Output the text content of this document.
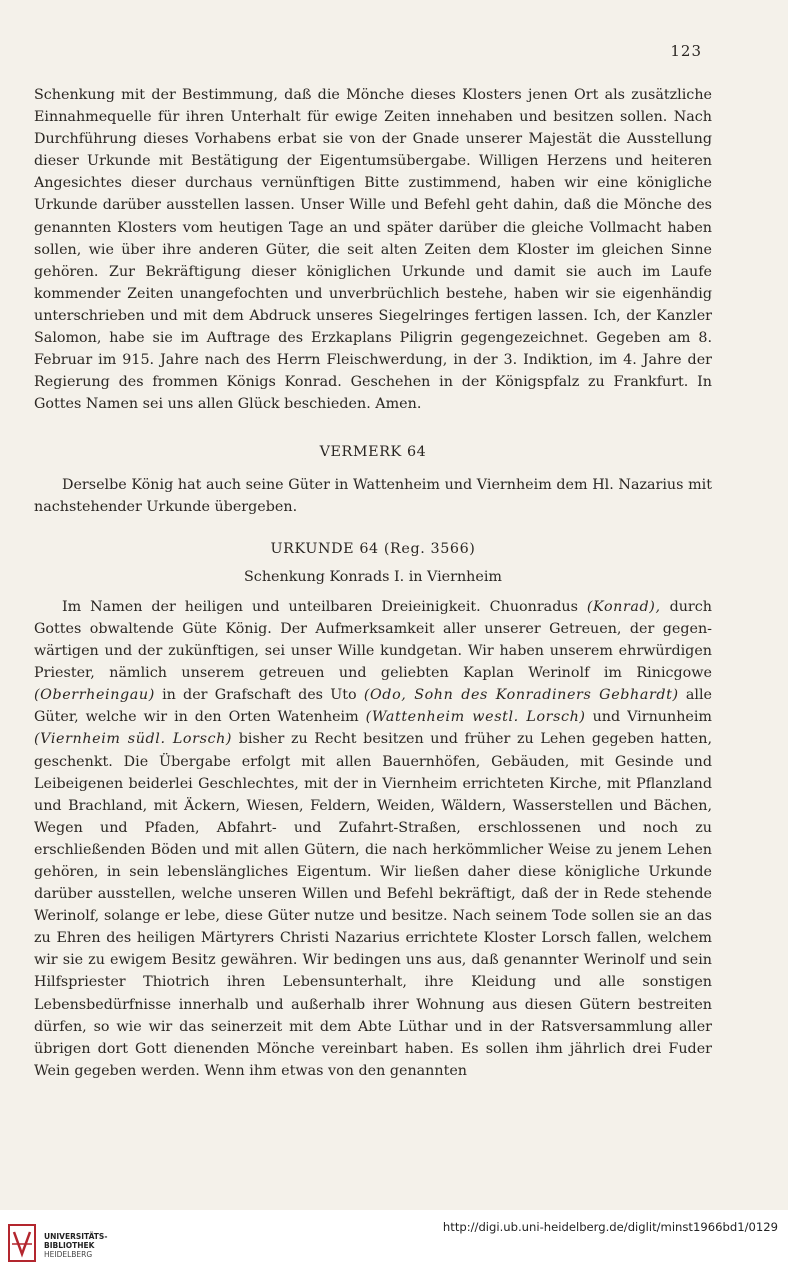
123

Schenkung mit der Bestimmung, daß die Mönche dieses Klosters jenen Ort als zusätzliche Einnahmequelle für ihren Unterhalt für ewige Zeiten innehaben und besitzen sollen. Nach Durchführung dieses Vorhabens erbat sie von der Gnade unserer Majestät die Ausstellung dieser Urkunde mit Bestätigung der Eigentumsübergabe. Willigen Herzens und heiteren Angesichtes dieser durchaus vernünftigen Bitte zustimmend, haben wir eine königliche Urkunde darüber ausstellen lassen. Unser Wille und Befehl geht dahin, daß die Mönche des genannten Klosters vom heutigen Tage an und später darüber die gleiche Vollmacht haben sollen, wie über ihre anderen Güter, die seit alten Zeiten dem Kloster im gleichen Sinne gehören. Zur Bekräftigung dieser königlichen Urkunde und damit sie auch im Laufe kommender Zeiten unangefochten und unverbrüchlich bestehe, haben wir sie eigenhändig unterschrieben und mit dem Abdruck unseres Siegelringes fertigen lassen. Ich, der Kanzler Salomon, habe sie im Auftrage des Erzkaplans Piligrin gegengezeichnet. Gegeben am 8. Februar im 915. Jahre nach des Herrn Fleischwerdung, in der 3. Indiktion, im 4. Jahre der Regierung des frommen Königs Konrad. Geschehen in der Königspfalz zu Frankfurt. In Gottes Namen sei uns allen Glück beschieden. Amen.

VERMERK 64

Derselbe König hat auch seine Güter in Wattenheim und Viernheim dem Hl. Nazarius mit nachstehender Urkunde übergeben.

URKUNDE 64 (Reg. 3566)

Schenkung Konrads I. in Viernheim

Im Namen der heiligen und unteilbaren Dreieinigkeit. Chuonradus (Konrad), durch Gottes obwaltende Güte König. Der Aufmerksamkeit aller unserer Getreuen, der gegenwärtigen und der zukünftigen, sei unser Wille kundgetan. Wir haben unserem ehrwürdigen Priester, nämlich unserem getreuen und geliebten Kaplan Werinolf im Rinicgowe (Oberrheingau) in der Grafschaft des Uto (Odo, Sohn des Konradiners Gebhardt) alle Güter, welche wir in den Orten Watenheim (Wattenheim westl. Lorsch) und Virnunheim (Viernheim südl. Lorsch) bisher zu Recht besitzen und früher zu Lehen gegeben hatten, geschenkt. Die Übergabe erfolgt mit allen Bauernhöfen, Gebäuden, mit Gesinde und Leibeigenen beiderlei Geschlechtes, mit der in Viernheim errichteten Kirche, mit Pflanzland und Brachland, mit Äckern, Wiesen, Feldern, Weiden, Wäldern, Wasserstellen und Bächen, Wegen und Pfaden, Abfahrt- und Zufahrt-Straßen, erschlossenen und noch zu erschließenden Böden und mit allen Gütern, die nach herkömmlicher Weise zu jenem Lehen gehören, in sein lebenslängliches Eigentum. Wir ließen daher diese königliche Urkunde darüber ausstellen, welche unseren Willen und Befehl bekräftigt, daß der in Rede stehende Werinolf, solange er lebe, diese Güter nutze und besitze. Nach seinem Tode sollen sie an das zu Ehren des heiligen Märtyrers Christi Nazarius errichtete Kloster Lorsch fallen, welchem wir sie zu ewigem Besitz gewähren. Wir bedingen uns aus, daß genannter Werinolf und sein Hilfspriester Thiotrich ihren Lebensunterhalt, ihre Kleidung und alle sonstigen Lebensbedürfnisse innerhalb und außerhalb ihrer Wohnung aus diesen Gütern bestreiten dürfen, so wie wir das seinerzeit mit dem Abte Lüthar und in der Ratsversammlung aller übrigen dort Gott dienenden Mönche vereinbart haben. Es sollen ihm jährlich drei Fuder Wein gegeben werden. Wenn ihm etwas von den genannten

UNIVERSITÄTS-
BIBLIOTHEK
HEIDELBERG
http://digi.ub.uni-heidelberg.de/diglit/minst1966bd1/0129
